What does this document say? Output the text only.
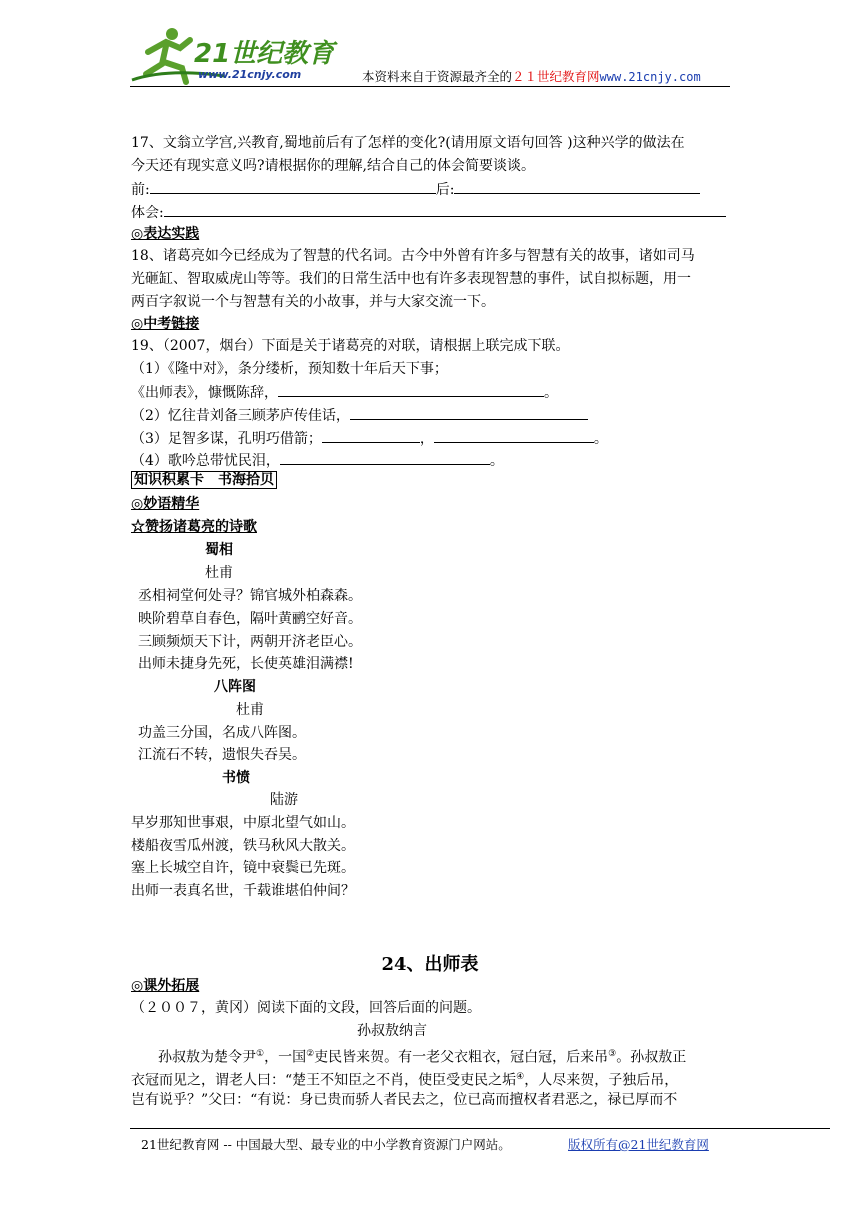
21世纪教育
www.21cnjy.com	本资料来自于资源最齐全的２１世纪教育网www.21cnjy.com
17、文翁立学宫,兴教育,蜀地前后有了怎样的变化?(请用原文语句回答 )这种兴学的做法在
今天还有现实意义吗?请根据你的理解,结合自己的体会简要谈谈。
前:	后:
体会:
◎表达实践
18、诸葛亮如今已经成为了智慧的代名词。古今中外曾有许多与智慧有关的故事，诸如司马
光砸缸、智取威虎山等等。我们的日常生活中也有许多表现智慧的事件，试自拟标题，用一
两百字叙说一个与智慧有关的小故事，并与大家交流一下。
◎中考链接
19、（2007，烟台）下面是关于诸葛亮的对联，请根据上联完成下联。
（1）《隆中对》，条分缕析，预知数十年后天下事；
《出师表》，慷慨陈辞，	。
（2）忆往昔刘备三顾茅庐传佳话，
（3）足智多谋，孔明巧借箭；	，	。
（4）歌吟总带忧民泪，	。
知识积累卡　书海拾贝
◎妙语精华
☆赞扬诸葛亮的诗歌
蜀相
杜甫
丞相祠堂何处寻？锦官城外柏森森。
映阶碧草自春色，隔叶黄鹂空好音。
三顾频烦天下计，两朝开济老臣心。
出师未捷身先死，长使英雄泪满襟!
八阵图
杜甫
功盖三分国，名成八阵图。
江流石不转，遗恨失吞吴。
书愤
陆游
早岁那知世事艰，中原北望气如山。
楼船夜雪瓜州渡，铁马秋风大散关。
塞上长城空自许，镜中衰鬓已先斑。
出师一表真名世，千载谁堪伯仲间？
24、出师表
◎课外拓展
（２００７，黄冈）阅读下面的文段，回答后面的问题。
孙叔敖纳言
孙叔敖为楚令尹①，一国②吏民皆来贺。有一老父衣粗衣，冠白冠，后来吊③。孙叔敖正
衣冠而见之，谓老人曰：“楚王不知臣之不肖，使臣受吏民之垢④，人尽来贺，子独后吊，
岂有说乎？”父曰：“有说：身已贵而骄人者民去之，位已高而擅权者君恶之，禄已厚而不
21世纪教育网 -- 中国最大型、最专业的中小学教育资源门户网站。	版权所有@21世纪教育网
